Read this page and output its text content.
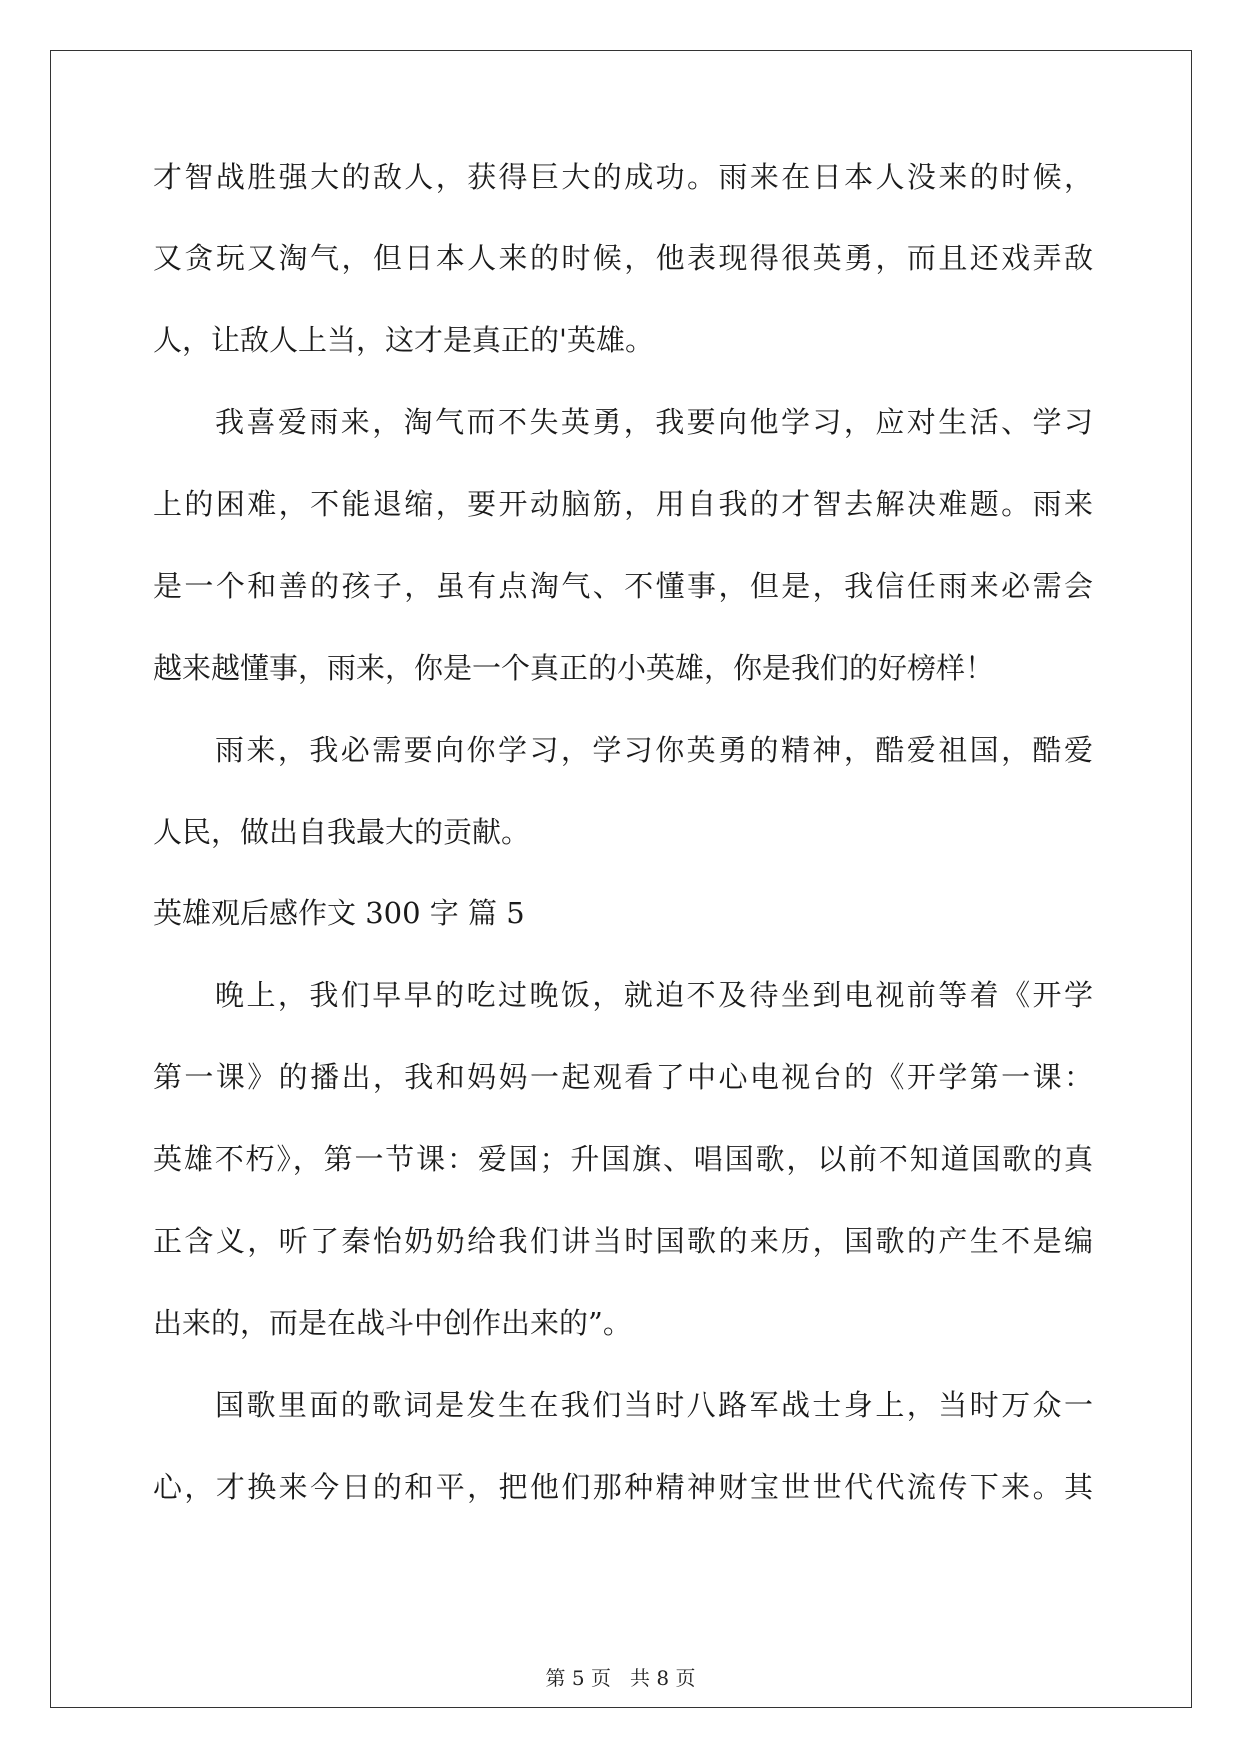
才智战胜强大的敌人，获得巨大的成功。雨来在日本人没来的时候，
又贪玩又淘气，但日本人来的时候，他表现得很英勇，而且还戏弄敌
人，让敌人上当，这才是真正的'英雄。
我喜爱雨来，淘气而不失英勇，我要向他学习，应对生活、学习
上的困难，不能退缩，要开动脑筋，用自我的才智去解决难题。雨来
是一个和善的孩子，虽有点淘气、不懂事，但是，我信任雨来必需会
越来越懂事，雨来，你是一个真正的小英雄，你是我们的好榜样！
雨来，我必需要向你学习，学习你英勇的精神，酷爱祖国，酷爱
人民，做出自我最大的贡献。
英雄观后感作文 300 字 篇 5
晚上，我们早早的吃过晚饭，就迫不及待坐到电视前等着《开学
第一课》的播出，我和妈妈一起观看了中心电视台的《开学第一课：
英雄不朽》，第一节课：爱国；升国旗、唱国歌，以前不知道国歌的真
正含义，听了秦怡奶奶给我们讲当时国歌的来历，国歌的产生不是编
出来的，而是在战斗中创作出来的”。
国歌里面的歌词是发生在我们当时八路军战士身上，当时万众一
心，才换来今日的和平，把他们那种精神财宝世世代代流传下来。其
第 5 页   共 8 页
